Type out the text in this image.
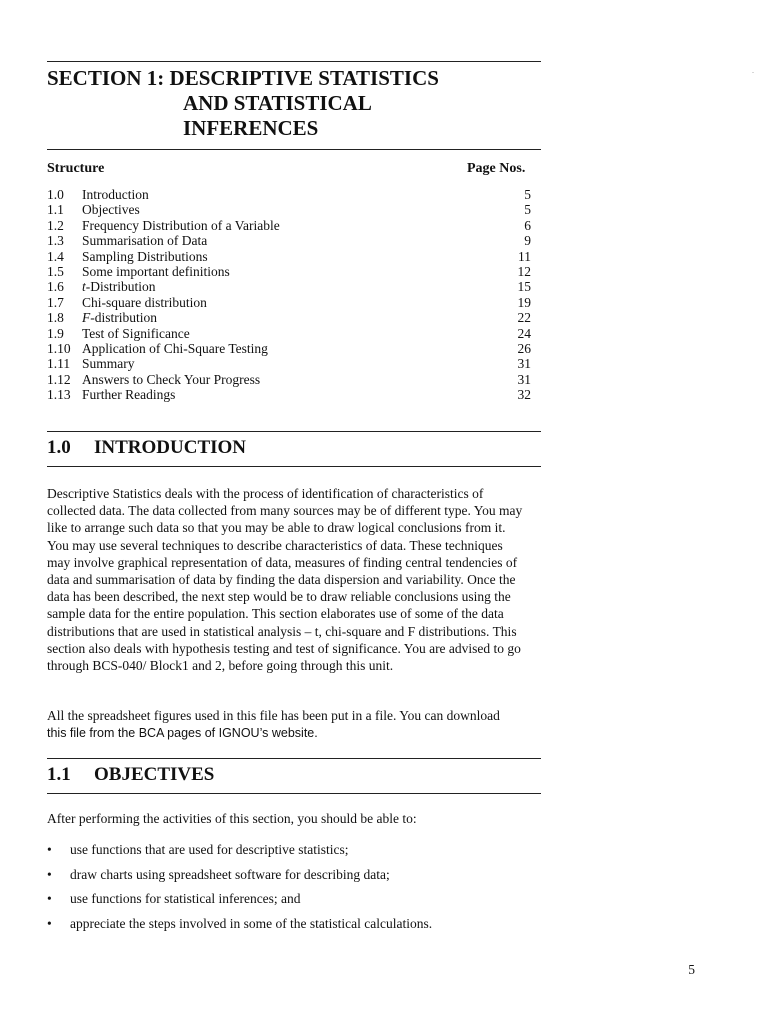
SECTION 1: DESCRIPTIVE STATISTICS
AND STATISTICAL
INFERENCES
Structure	Page Nos.
1.0	Introduction	5
1.1	Objectives	5
1.2	Frequency Distribution of a Variable	6
1.3	Summarisation of Data	9
1.4	Sampling Distributions	11
1.5	Some important definitions	12
1.6	t-Distribution	15
1.7	Chi-square distribution	19
1.8	F-distribution	22
1.9	Test of Significance	24
1.10 Application of Chi-Square Testing	26
1.11 Summary	31
1.12 Answers to Check Your Progress	31
1.13 Further Readings	32
1.0 INTRODUCTION

Descriptive Statistics deals with the process of identification of characteristics of collected data. The data collected from many sources may be of different type. You may like to arrange such data so that you may be able to draw logical conclusions from it. You may use several techniques to describe characteristics of data. These techniques may involve graphical representation of data, measures of finding central tendencies of data and summarisation of data by finding the data dispersion and variability. Once the data has been described, the next step would be to draw reliable conclusions using the sample data for the entire population. This section elaborates use of some of the data distributions that are used in statistical analysis – t, chi-square and F distributions. This section also deals with hypothesis testing and test of significance. You are advised to go through BCS-040/ Block1 and 2, before going through this unit.

All the spreadsheet figures used in this file has been put in a file. You can download
this file from the BCA pages of IGNOU’s website.

1.1 OBJECTIVES

After performing the activities of this section, you should be able to:

• use functions that are used for descriptive statistics;
• draw charts using spreadsheet software for describing data;
• use functions for statistical inferences; and
• appreciate the steps involved in some of the statistical calculations.
5
.
